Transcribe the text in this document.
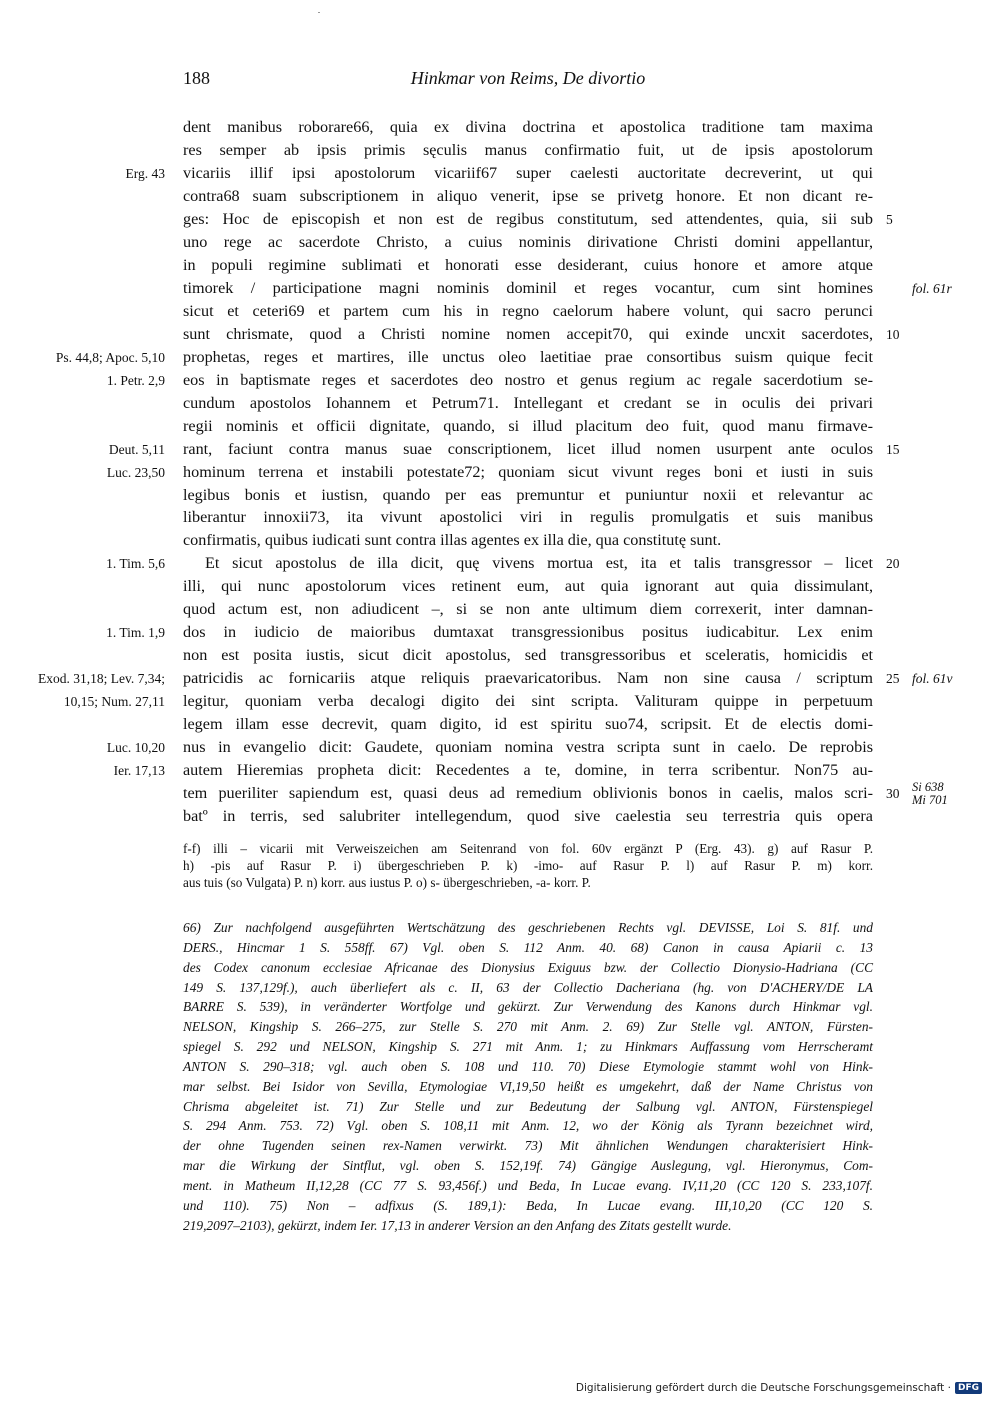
188	Hinkmar von Reims, De divortio
dent manibus roborare66, quia ex divina doctrina et apostolica traditione tam maxima
res semper ab ipsis primis sęculis manus confirmatio fuit, ut de ipsis apostolorum
vicariis illif ipsi apostolorum vicariif67 super caelesti auctoritate decreverint, ut qui
contra68 suam subscriptionem in aliquo venerit, ipse se privetg honore. Et non dicant re-
ges: Hoc de episcopish et non est de regibus constitutum, sed attendentes, quia, sii sub
uno rege ac sacerdote Christo, a cuius nominis dirivatione Christi domini appellantur,
in populi regimine sublimati et honorati esse desiderant, cuius honore et amore atque
timorek / participatione magni nominis dominil et reges vocantur, cum sint homines
sicut et ceteri69 et partem cum his in regno caelorum habere volunt, qui sacro perunci
sunt chrismate, quod a Christi nomine nomen accepit70, qui exinde uncxit sacerdotes,
prophetas, reges et martires, ille unctus oleo laetitiae prae consortibus suism quique fecit
eos in baptismate reges et sacerdotes deo nostro et genus regium ac regale sacerdotium se-
cundum apostolos Iohannem et Petrum71. Intellegant et credant se in oculis dei privari
regii nominis et officii dignitate, quando, si illud placitum deo fuit, quod manu firmave-
rant, faciunt contra manus suae conscriptionem, licet illud nomen usurpent ante oculos
hominum terrena et instabili potestate72; quoniam sicut vivunt reges boni et iusti in suis
legibus bonis et iustisn, quando per eas premuntur et puniuntur noxii et relevantur ac
liberantur innoxii73, ita vivunt apostolici viri in regulis promulgatis et suis manibus
confirmatis, quibus iudicati sunt contra illas agentes ex illa die, qua constitutę sunt.
Et sicut apostolus de illa dicit, quę vivens mortua est, ita et talis transgressor – licet
illi, qui nunc apostolorum vices retinent eum, aut quia ignorant aut quia dissimulant,
quod actum est, non adiudicent –, si se non ante ultimum diem correxerit, inter damnan-
dos in iudicio de maioribus dumtaxat transgressionibus positus iudicabitur. Lex enim
non est posita iustis, sicut dicit apostolus, sed transgressoribus et sceleratis, homicidis et
patricidis ac fornicariis atque reliquis praevaricatoribus. Nam non sine causa / scriptum
legitur, quoniam verba decalogi digito dei sint scripta. Valituram quippe in perpetuum
legem illam esse decrevit, quam digito, id est spiritu suo74, scripsit. Et de electis domi-
nus in evangelio dicit: Gaudete, quoniam nomina vestra scripta sunt in caelo. De reprobis
autem Hieremias propheta dicit: Recedentes a te, domine, in terra scribentur. Non75 au-
tem pueriliter sapiendum est, quasi deus ad remedium oblivionis bonos in caelis, malos scri-
batº in terris, sed salubriter intellegendum, quod sive caelestia seu terrestria quis opera
Erg. 43
Ps. 44,8; Apoc. 5,10
1. Petr. 2,9
Deut. 5,11
Luc. 23,50
1. Tim. 5,6
1. Tim. 1,9
Exod. 31,18; Lev. 7,34;
10,15; Num. 27,11
Luc. 10,20
Ier. 17,13
5
10
15
20
25
30
fol. 61r
fol. 61v
Si 638
Mi 701
f-f) illi – vicarii mit Verweiszeichen am Seitenrand von fol. 60v ergänzt P (Erg. 43). g) auf Rasur P.
h) -pis auf Rasur P. i) übergeschrieben P. k) -imo- auf Rasur P. l) auf Rasur P. m) korr.
aus tuis (so Vulgata) P. n) korr. aus iustus P. o) s- übergeschrieben, -a- korr. P.
66) Zur nachfolgend ausgeführten Wertschätzung des geschriebenen Rechts vgl. DEVISSE, Loi S. 81f. und
DERS., Hincmar 1 S. 558ff. 67) Vgl. oben S. 112 Anm. 40. 68) Canon in causa Apiarii c. 13
des Codex canonum ecclesiae Africanae des Dionysius Exiguus bzw. der Collectio Dionysio-Hadriana (CC
149 S. 137,129f.), auch überliefert als c. II, 63 der Collectio Dacheriana (hg. von D'ACHERY/DE LA
BARRE S. 539), in veränderter Wortfolge und gekürzt. Zur Verwendung des Kanons durch Hinkmar vgl.
NELSON, Kingship S. 266–275, zur Stelle S. 270 mit Anm. 2. 69) Zur Stelle vgl. ANTON, Fürsten-
spiegel S. 292 und NELSON, Kingship S. 271 mit Anm. 1; zu Hinkmars Auffassung vom Herrscheramt
ANTON S. 290–318; vgl. auch oben S. 108 und 110. 70) Diese Etymologie stammt wohl von Hink-
mar selbst. Bei Isidor von Sevilla, Etymologiae VI,19,50 heißt es umgekehrt, daß der Name Christus von
Chrisma abgeleitet ist. 71) Zur Stelle und zur Bedeutung der Salbung vgl. ANTON, Fürstenspiegel
S. 294 Anm. 753. 72) Vgl. oben S. 108,11 mit Anm. 12, wo der König als Tyrann bezeichnet wird,
der ohne Tugenden seinen rex-Namen verwirkt. 73) Mit ähnlichen Wendungen charakterisiert Hink-
mar die Wirkung der Sintflut, vgl. oben S. 152,19f. 74) Gängige Auslegung, vgl. Hieronymus, Com-
ment. in Matheum II,12,28 (CC 77 S. 93,456f.) und Beda, In Lucae evang. IV,11,20 (CC 120 S. 233,107f.
und 110). 75) Non – adfixus (S. 189,1): Beda, In Lucae evang. III,10,20 (CC 120 S.
219,2097–2103), gekürzt, indem Ier. 17,13 in anderer Version an den Anfang des Zitats gestellt wurde.
Digitalisierung gefördert durch die Deutsche Forschungsgemeinschaft · DFG
